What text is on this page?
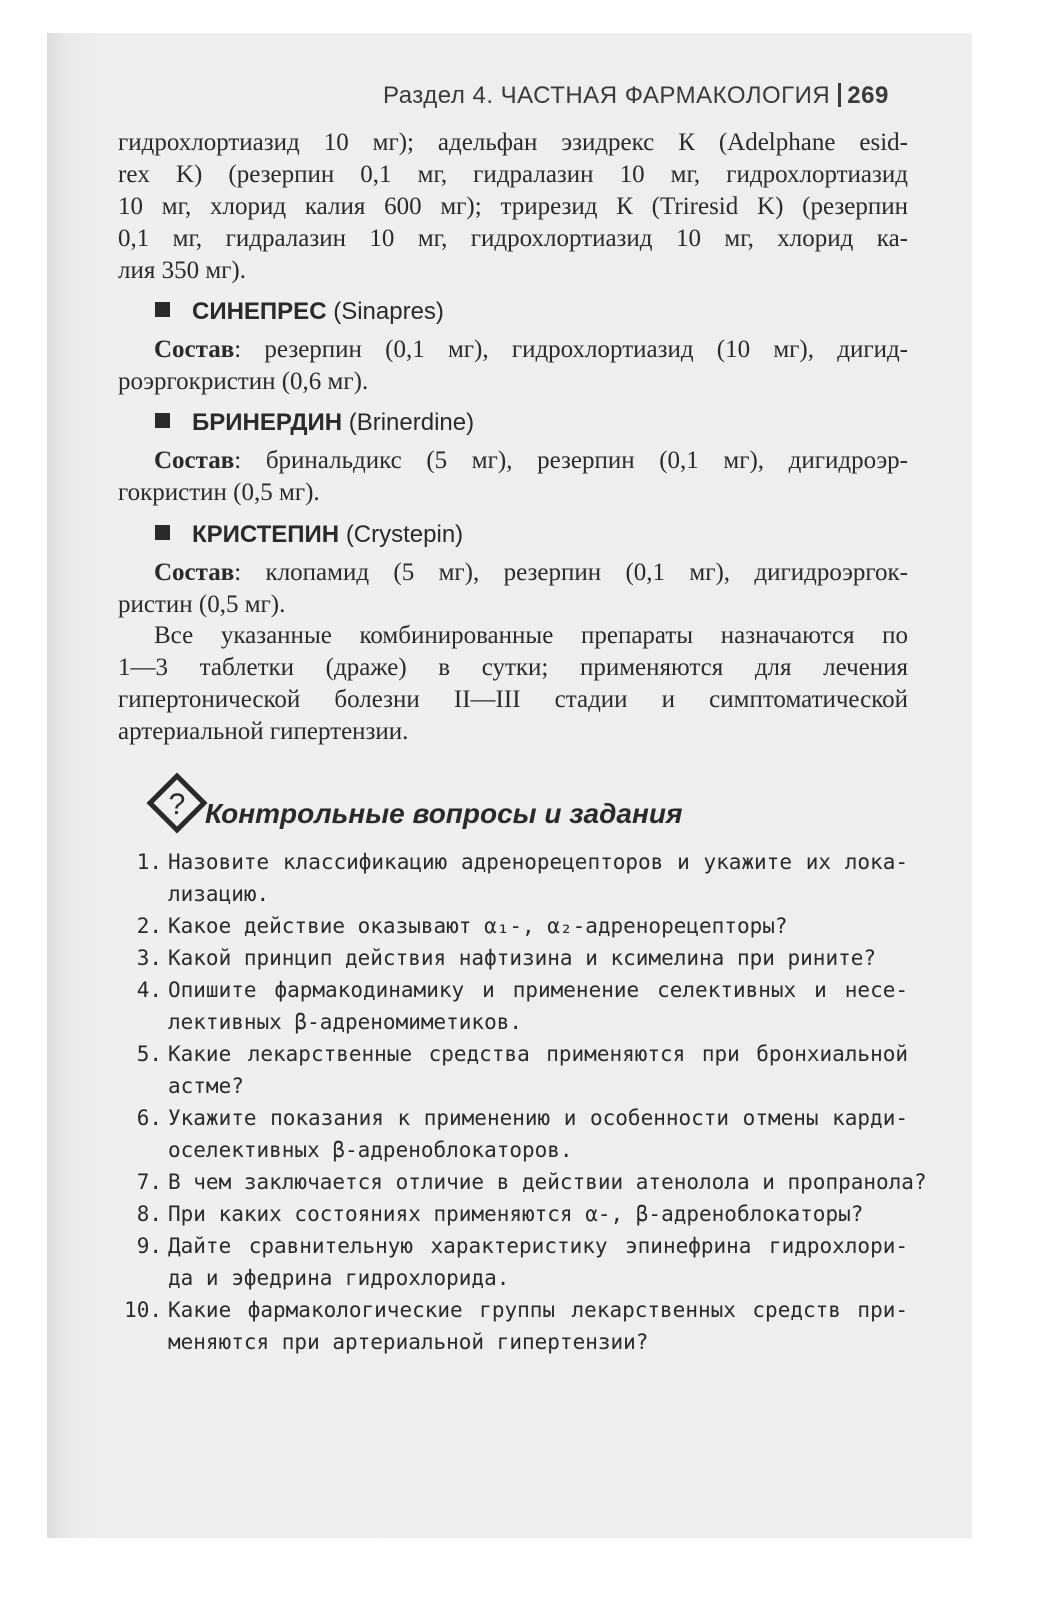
Раздел 4. ЧАСТНАЯ ФАРМАКОЛОГИЯ 269
гидрохлортиазид 10 мг); адельфан эзидрекс К (Adelphane esid-
rex K) (резерпин 0,1 мг, гидралазин 10 мг, гидрохлортиазид
10 мг, хлорид калия 600 мг); трирезид К (Triresid K) (резерпин
0,1 мг, гидралазин 10 мг, гидрохлортиазид 10 мг, хлорид ка-
лия 350 мг).
СИНЕПРЕС (Sinapres)
Состав: резерпин (0,1 мг), гидрохлортиазид (10 мг), дигид-
роэргокристин (0,6 мг).
БРИНЕРДИН (Brinerdine)
Состав: бринальдикс (5 мг), резерпин (0,1 мг), дигидроэр-
гокристин (0,5 мг).
КРИСТЕПИН (Crystepin)
Состав: клопамид (5 мг), резерпин (0,1 мг), дигидроэргок-
ристин (0,5 мг).
Все указанные комбинированные препараты назначаются по
1—3 таблетки (драже) в сутки; применяются для лечения
гипертонической болезни II—III стадии и симптоматической
артериальной гипертензии.
? Контрольные вопросы и задания
1. Назовите классификацию адренорецепторов и укажите их лока-
лизацию.
2. Какое действие оказывают α₁-, α₂-адренорецепторы?
3. Какой принцип действия нафтизина и ксимелина при рините?
4. Опишите фармакодинамику и применение селективных и несе-
лективных β-адреномиметиков.
5. Какие лекарственные средства применяются при бронхиальной
астме?
6. Укажите показания к применению и особенности отмены карди-
оселективных β-адреноблокаторов.
7. В чем заключается отличие в действии атенолола и пропранола?
8. При каких состояниях применяются α-, β-адреноблокаторы?
9. Дайте сравнительную характеристику эпинефрина гидрохлори-
да и эфедрина гидрохлорида.
10. Какие фармакологические группы лекарственных средств при-
меняются при артериальной гипертензии?
